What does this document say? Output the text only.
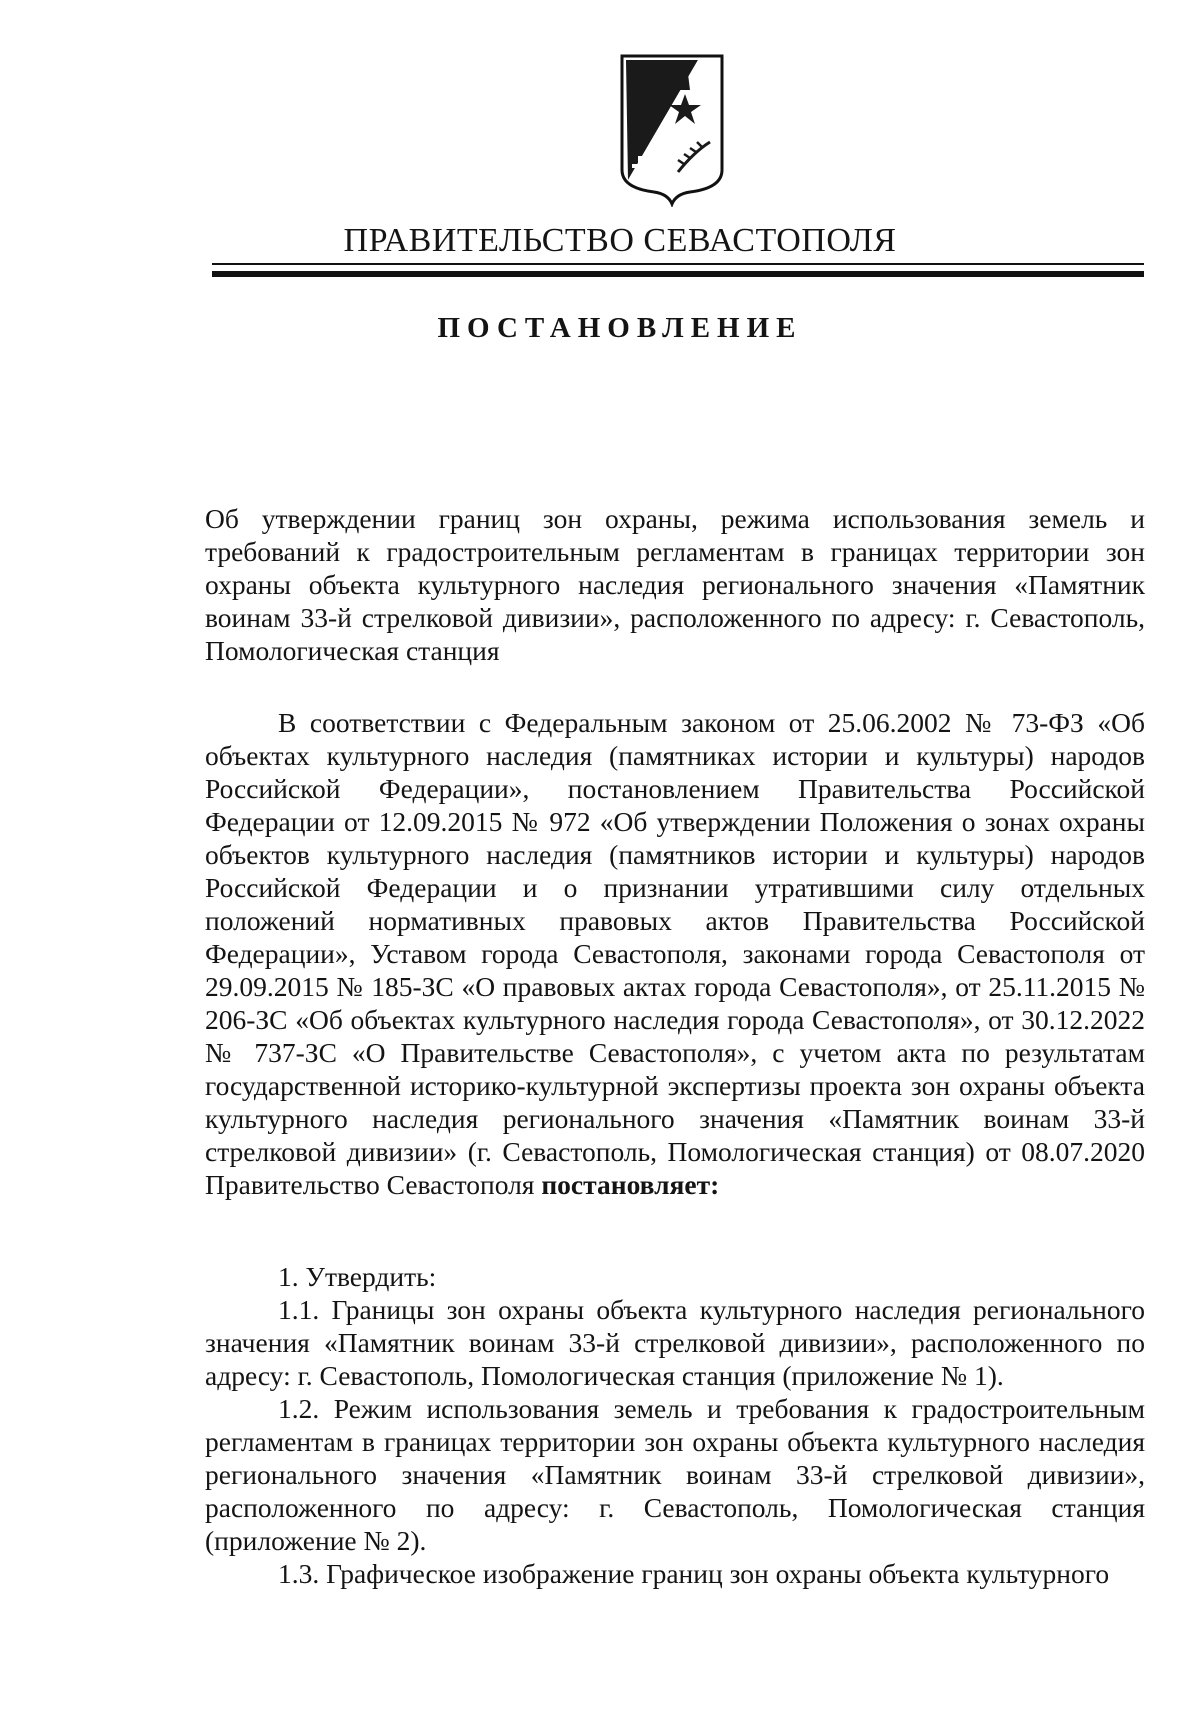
ПРАВИТЕЛЬСТВО СЕВАСТОПОЛЯ
ПОСТАНОВЛЕНИЕ
Об утверждении границ зон охраны, режима использования земель и требований к градостроительным регламентам в границах территории зон охраны объекта культурного наследия регионального значения «Памятник воинам 33-й стрелковой дивизии», расположенного по адресу: г. Севастополь, Помологическая станция

В соответствии с Федеральным законом от 25.06.2002 № 73-ФЗ «Об объектах культурного наследия (памятниках истории и культуры) народов Российской Федерации», постановлением Правительства Российской Федерации от 12.09.2015 № 972 «Об утверждении Положения о зонах охраны объектов культурного наследия (памятников истории и культуры) народов Российской Федерации и о признании утратившими силу отдельных положений нормативных правовых актов Правительства Российской Федерации», Уставом города Севастополя, законами города Севастополя от 29.09.2015 № 185-ЗС «О правовых актах города Севастополя», от 25.11.2015 № 206-ЗС «Об объектах культурного наследия города Севастополя», от 30.12.2022 № 737-ЗС «О Правительстве Севастополя», с учетом акта по результатам государственной историко-культурной экспертизы проекта зон охраны объекта культурного наследия регионального значения «Памятник воинам 33-й стрелковой дивизии» (г. Севастополь, Помологическая станция) от 08.07.2020 Правительство Севастополя постановляет:

1. Утвердить:

1.1. Границы зон охраны объекта культурного наследия регионального значения «Памятник воинам 33-й стрелковой дивизии», расположенного по адресу: г. Севастополь, Помологическая станция (приложение № 1).

1.2. Режим использования земель и требования к градостроительным регламентам в границах территории зон охраны объекта культурного наследия регионального значения «Памятник воинам 33-й стрелковой дивизии», расположенного по адресу: г. Севастополь, Помологическая станция (приложение № 2).

1.3. Графическое изображение границ зон охраны объекта культурного
